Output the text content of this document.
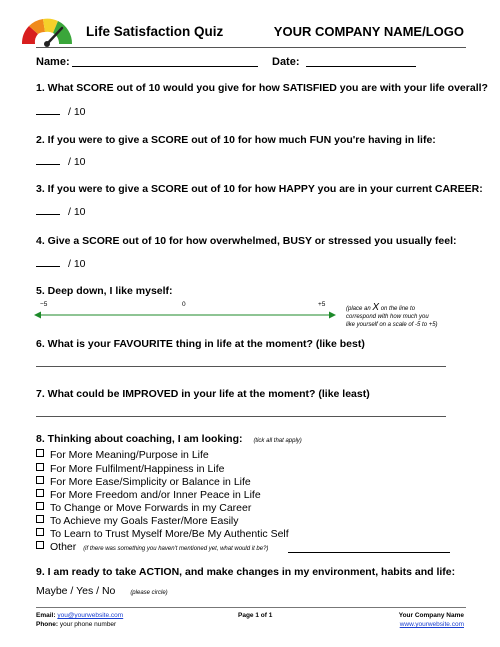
Life Satisfaction Quiz	YOUR COMPANY NAME/LOGO
Name:	Date:
1. What SCORE out of 10 would you give for how SATISFIED you are with your life overall?
/ 10
2. If you were to give a SCORE out of 10 for how much FUN you're having in life:
/ 10
3. If you were to give a SCORE out of 10 for how HAPPY you are in your current CAREER:
/ 10
4. Give a SCORE out of 10 for how overwhelmed, BUSY or stressed you usually feel:
/ 10
5. Deep down, I like myself:
−5	0	+5
(place an X on the line to
correspond with how much you
like yourself on a scale of -5 to +5)
6. What is your FAVOURITE thing in life at the moment? (like best)
7. What could be IMPROVED in your life at the moment? (like least)
8. Thinking about coaching, I am looking: (tick all that apply)
For More Meaning/Purpose in Life
For More Fulfilment/Happiness in Life
For More Ease/Simplicity or Balance in Life
For More Freedom and/or Inner Peace in Life
To Change or Move Forwards in my Career
To Achieve my Goals Faster/More Easily
To Learn to Trust Myself More/Be My Authentic Self
Other (if there was something you haven't mentioned yet, what would it be?)
9. I am ready to take ACTION, and make changes in my environment, habits and life:
Maybe / Yes / No (please circle)
Email: you@yourwebsite.com
Phone: your phone number
Page 1 of 1	Your Company Name
www.yourwebsite.com
